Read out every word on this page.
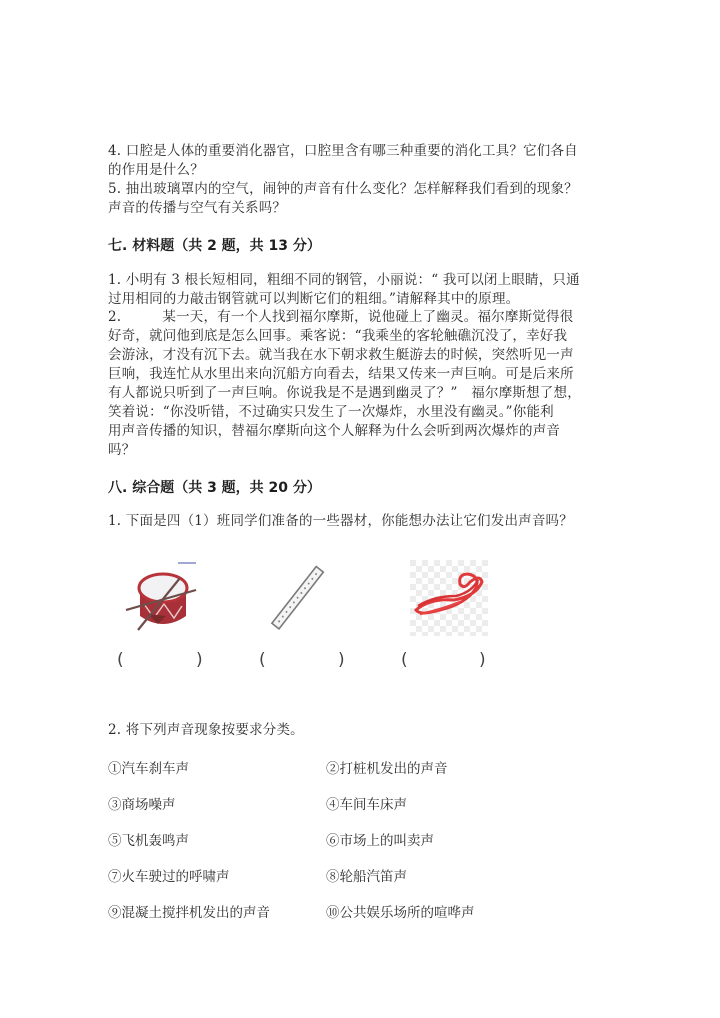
4. 口腔是人体的重要消化器官，口腔里含有哪三种重要的消化工具？它们各自
的作用是什么？
5. 抽出玻璃罩内的空气，闹钟的声音有什么变化？怎样解释我们看到的现象？
声音的传播与空气有关系吗？
七. 材料题（共 2 题，共 13 分）
1. 小明有 3 根长短相同，粗细不同的钢管，小丽说：“ 我可以闭上眼睛，只通
过用相同的力敲击钢管就可以判断它们的粗细。”请解释其中的原理。
2.　　　某一天，有一个人找到福尔摩斯，说他碰上了幽灵。福尔摩斯觉得很
好奇，就问他到底是怎么回事。乘客说：“我乘坐的客轮触礁沉没了，幸好我
会游泳，才没有沉下去。就当我在水下朝求救生艇游去的时候，突然听见一声
巨响，我连忙从水里出来向沉船方向看去，结果又传来一声巨响。可是后来所
有人都说只听到了一声巨响。你说我是不是遇到幽灵了？”　福尔摩斯想了想，
笑着说：“你没听错，不过确实只发生了一次爆炸，水里没有幽灵。”你能利
用声音传播的知识，替福尔摩斯向这个人解释为什么会听到两次爆炸的声音
吗？
八. 综合题（共 3 题，共 20 分）
1. 下面是四（1）班同学们准备的一些器材，你能想办法让它们发出声音吗？
(	)	(	)	(	)
2. 将下列声音现象按要求分类。
①汽车刹车声	②打桩机发出的声音
③商场噪声	④车间车床声
⑤飞机轰鸣声	⑥市场上的叫卖声
⑦火车驶过的呼啸声	⑧轮船汽笛声
⑨混凝土搅拌机发出的声音	⑩公共娱乐场所的喧哗声
